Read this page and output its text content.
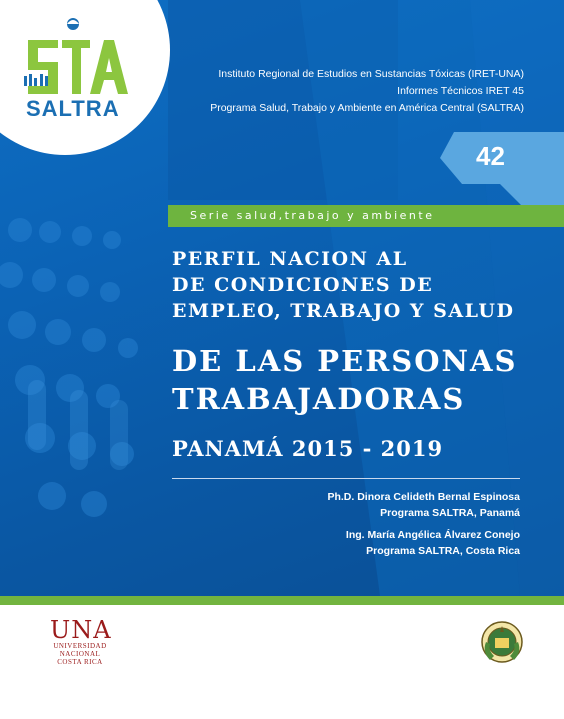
SALTRA
Instituto Regional de Estudios en Sustancias Tóxicas (IRET-UNA)
Informes Técnicos IRET 45
Programa Salud, Trabajo y Ambiente en América Central (SALTRA)
42
Serie salud,trabajo y ambiente
PERFIL NACION AL
DE CONDICIONES DE
EMPLEO, TRABAJO Y SALUD
DE LAS PERSONAS
TRABAJADORAS
PANAMÁ 2015 - 2019
Ph.D. Dinora Celideth Bernal Espinosa
Programa SALTRA, Panamá
Ing. María Angélica Álvarez Conejo
Programa SALTRA, Costa Rica
UNA
UNIVERSIDAD
NACIONAL
COSTA RICA
